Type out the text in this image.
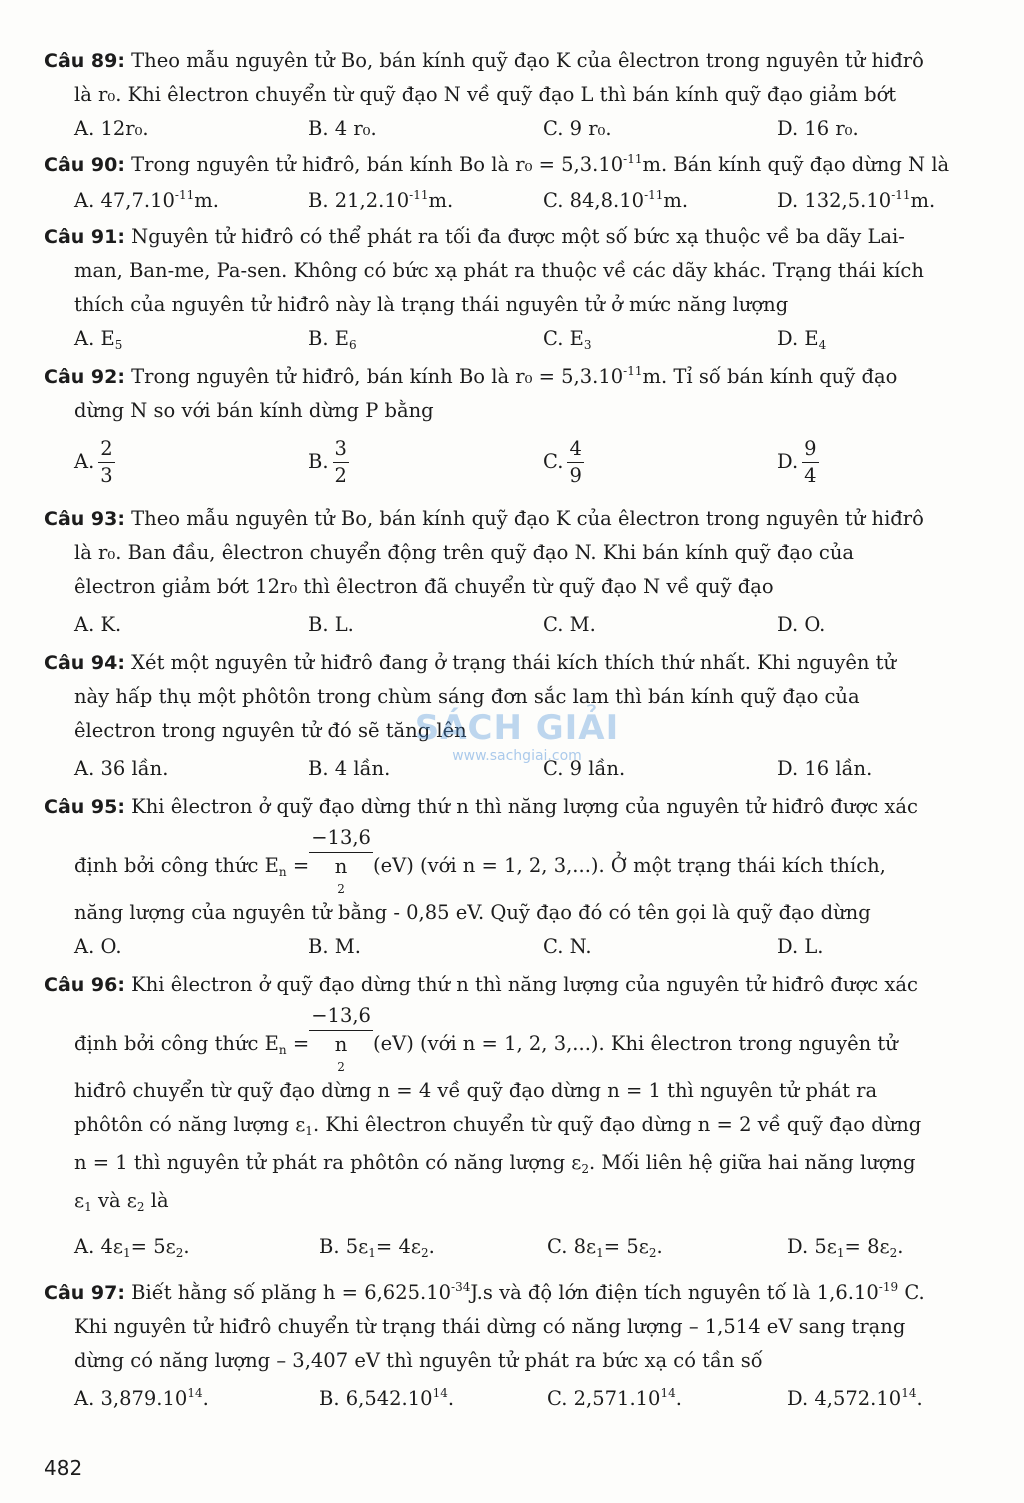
Câu 89: Theo mẫu nguyên tử Bo, bán kính quỹ đạo K của êlectron trong nguyên tử hiđrô
là r₀. Khi êlectron chuyển từ quỹ đạo N về quỹ đạo L thì bán kính quỹ đạo giảm bớt
A. 12r₀.	B. 4 r₀.	C. 9 r₀.	D. 16 r₀.
Câu 90: Trong nguyên tử hiđrô, bán kính Bo là $r_0 = 5,3.10^{-11}m$. Bán kính quỹ đạo dừng N là
A. $47,7.10^{-11}m$.	B. $21,2.10^{-11}m$.	C. $84,8.10^{-11}m$.	D. $132,5.10^{-11}m$.
Câu 91: Nguyên tử hiđrô có thể phát ra tối đa được một số bức xạ thuộc về ba dãy Lai-
man, Ban-me, Pa-sen. Không có bức xạ phát ra thuộc về các dãy khác. Trạng thái kích
thích của nguyên tử hiđrô này là trạng thái nguyên tử ở mức năng lượng
A. $E_5$	B. $E_6$	C. $E_3$	D. $E_4$
Câu 92: Trong nguyên tử hiđrô, bán kính Bo là $r_0 = 5,3.10^{-11}m$. Tỉ số bán kính quỹ đạo
dừng N so với bán kính dừng P bằng
A. $\frac{2}{3}$	B. $\frac{3}{2}$	C. $\frac{4}{9}$	D. $\frac{9}{4}$
Câu 93: Theo mẫu nguyên tử Bo, bán kính quỹ đạo K của êlectron trong nguyên tử hiđrô
là r₀. Ban đầu, êlectron chuyển động trên quỹ đạo N. Khi bán kính quỹ đạo của
êlectron giảm bớt 12r₀ thì êlectron đã chuyển từ quỹ đạo N về quỹ đạo
A. K.	B. L.	C. M.	D. O.
Câu 94: Xét một nguyên tử hiđrô đang ở trạng thái kích thích thứ nhất. Khi nguyên tử
này hấp thụ một phôtôn trong chùm sáng đơn sắc lam thì bán kính quỹ đạo của
êlectron trong nguyên tử đó sẽ tăng lên
A. 36 lần.	B. 4 lần.	C. 9 lần.	D. 16 lần.
SÁCH GIẢI
www.sachgiai.com
Câu 95: Khi êlectron ở quỹ đạo dừng thứ n thì năng lượng của nguyên tử hiđrô được xác
định bởi công thức $E_n = -13,6$
n
$^2$ (eV) (với n = 1, 2, 3,...). Ở một trạng thái kích thích,
năng lượng của nguyên tử bằng - 0,85 eV. Quỹ đạo đó có tên gọi là quỹ đạo dừng
A. O.	B. M.	C. N.	D. L.
Câu 96: Khi êlectron ở quỹ đạo dừng thứ n thì năng lượng của nguyên tử hiđrô được xác
định bởi công thức $E_n = -13,6$
n
$^2$ (eV) (với n = 1, 2, 3,...). Khi êlectron trong nguyên tử
hiđrô chuyển từ quỹ đạo dừng n = 4 về quỹ đạo dừng n = 1 thì nguyên tử phát ra
phôtôn có năng lượng $\varepsilon_1$. Khi êlectron chuyển từ quỹ đạo dừng n = 2 về quỹ đạo dừng
n = 1 thì nguyên tử phát ra phôtôn có năng lượng $\varepsilon_2$. Mối liên hệ giữa hai năng lượng
$\varepsilon_1$ và $\varepsilon_2$ là
A. $4\varepsilon_1= 5\varepsilon_2$.	B. $5\varepsilon_1= 4\varepsilon_2$.	C. $8\varepsilon_1= 5\varepsilon_2$.	D. $5\varepsilon_1= 8\varepsilon_2$.
Câu 97: Biết hằng số plăng $h = 6,625.10^{-34}J.s$ và độ lớn điện tích nguyên tố là $1,6.10^{-19}$ C.
Khi nguyên tử hiđrô chuyển từ trạng thái dừng có năng lượng – 1,514 eV sang trạng
dừng có năng lượng – 3,407 eV thì nguyên tử phát ra bức xạ có tần số
A. 3,879.10$^{14}$.	B. 6,542.10$^{14}$.	C. 2,571.10$^{14}$.	D. 4,572.10$^{14}$.
482
